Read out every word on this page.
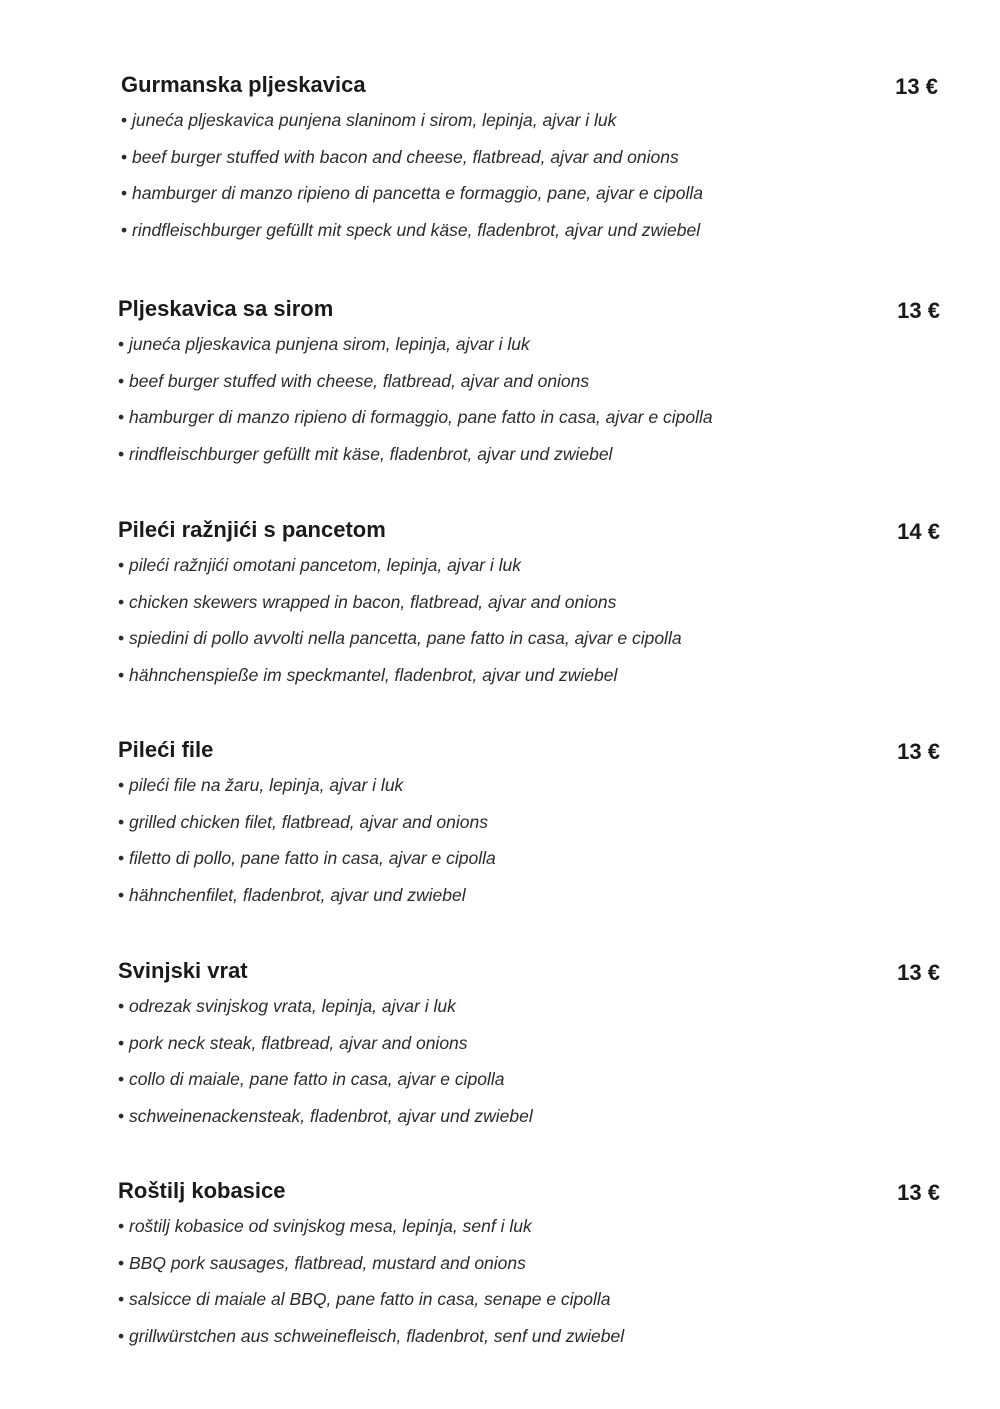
Gurmanska pljeskavica	13 €
• juneća pljeskavica punjena slaninom i sirom, lepinja, ajvar i luk
• beef burger stuffed with bacon and cheese, flatbread, ajvar and onions
• hamburger di manzo ripieno di pancetta e formaggio, pane, ajvar e cipolla
• rindfleischburger gefüllt mit speck und käse, fladenbrot, ajvar und zwiebel
Pljeskavica sa sirom	13 €
• juneća pljeskavica punjena sirom, lepinja, ajvar i luk
• beef burger stuffed with cheese, flatbread, ajvar and onions
• hamburger di manzo ripieno di formaggio, pane fatto in casa, ajvar e cipolla
• rindfleischburger gefüllt mit käse, fladenbrot, ajvar und zwiebel
Pileći ražnjići s pancetom	14 €
• pileći ražnjići omotani pancetom, lepinja, ajvar i luk
• chicken skewers wrapped in bacon, flatbread, ajvar and onions
• spiedini di pollo avvolti nella pancetta, pane fatto in casa, ajvar e cipolla
• hähnchenspieße im speckmantel, fladenbrot, ajvar und zwiebel
Pileći file	13 €
• pileći file na žaru, lepinja, ajvar i luk
• grilled chicken filet, flatbread, ajvar and onions
• filetto di pollo, pane fatto in casa, ajvar e cipolla
• hähnchenfilet, fladenbrot, ajvar und zwiebel
Svinjski vrat	13 €
• odrezak svinjskog vrata, lepinja, ajvar i luk
• pork neck steak, flatbread, ajvar and onions
• collo di maiale, pane fatto in casa, ajvar e cipolla
• schweinenackensteak, fladenbrot, ajvar und zwiebel
Roštilj kobasice	13 €
• roštilj kobasice od svinjskog mesa, lepinja, senf i luk
• BBQ pork sausages, flatbread, mustard and onions
• salsicce di maiale al BBQ, pane fatto in casa, senape e cipolla
• grillwürstchen aus schweinefleisch, fladenbrot, senf und zwiebel
